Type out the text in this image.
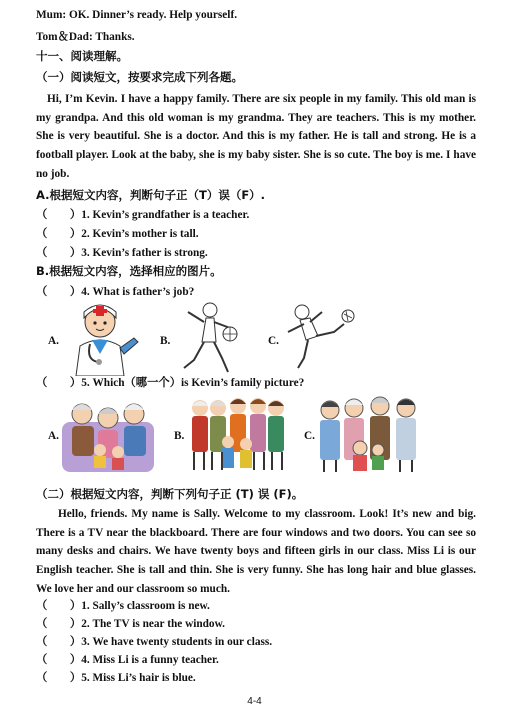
Mum: OK. Dinner’s ready. Help yourself.
Tom＆Dad: Thanks.
十一、阅读理解。
（一）阅读短文，按要求完成下列各题。
Hi, I’m Kevin. I have a happy family. There are six people in my family. This old man is my grandpa. And this old woman is my grandma. They are teachers. This is my mother. She is very beautiful. She is a doctor. And this is my father. He is tall and strong. He is a football player. Look at the baby, she is my baby sister. She is so cute. The boy is me. I have no job.
A.根据短文内容，判断句子正（T）误（F）.
（　　）1. Kevin’s grandfather is a teacher.
（　　）2. Kevin’s mother is tall.
（　　）3. Kevin’s father is strong.
B.根据短文内容，选择相应的图片。
（　　）4. What is father’s job?
A.	B.	C.
（　　）5. Which（哪一个）is Kevin’s family picture?
A.	B.	C.
（二）根据短文内容，判断下列句子正 (T) 误 (F)。
Hello, friends. My name is Sally. Welcome to my classroom. Look! It’s new and big. There is a TV near the blackboard. There are four windows and two doors. You can see so many desks and chairs. We have twenty boys and fifteen girls in our class. Miss Li is our English teacher. She is tall and thin. She is very funny. She has long hair and blue glasses. We love her and our classroom so much.
（　　）1. Sally’s classroom is new.
（　　）2. The TV is near the window.
（　　）3. We have twenty students in our class.
（　　）4. Miss Li is a funny teacher.
（　　）5. Miss Li’s hair is blue.
4-4
